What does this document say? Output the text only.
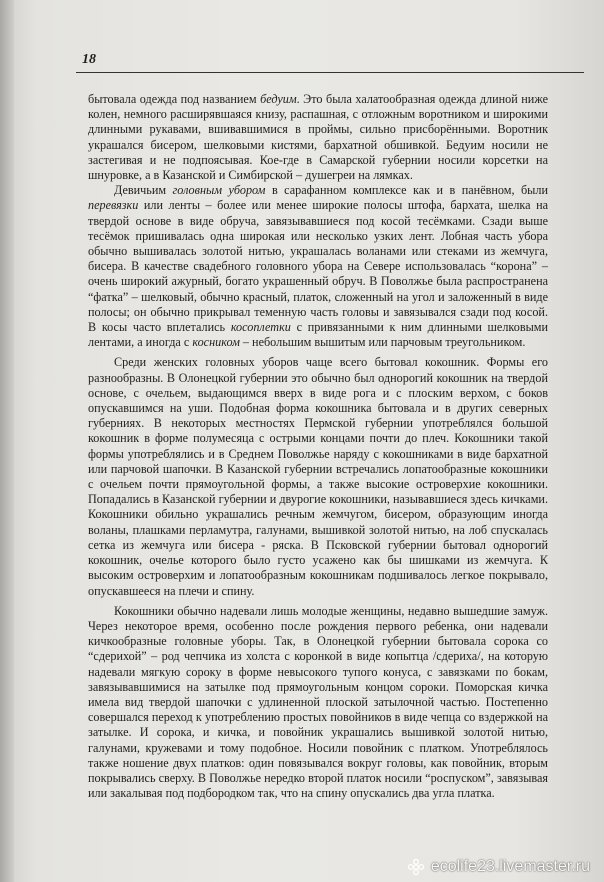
18

бытовала одежда под названием бедуим. Это была халатообразная одежда длиной ниже колен, немного расширявшаяся книзу, распашная, с отложным воротником и широкими длинными рукавами, вшивавшимися в проймы, сильно присборёнными. Воротник украшался бисером, шелковыми кистями, бархатной обшивкой. Бедуим носили не застегивая и не подпоясывая. Кое-где в Самарской губернии носили корсетки на шнуровке, а в Казанской и Симбирской – душегреи на лямках.

Девичьим головным убором в сарафанном комплексе как и в панёвном, были перевязки или ленты – более или менее широкие полосы штофа, бархата, шелка на твердой основе в виде обруча, завязывавшиеся под косой тесёмками. Сзади выше тесёмок пришивалась одна широкая или несколько узких лент. Лобная часть убора обычно вышивалась золотой нитью, украшалась воланами или стеками из жемчуга, бисера. В качестве свадебного головного убора на Севере использовалась “корона” – очень широкий ажурный, богато украшенный обруч. В Поволжье была распространена “фатка” – шелковый, обычно красный, платок, сложенный на угол и заложенный в виде полосы; он обычно прикрывал теменную часть головы и завязывался сзади под косой. В косы часто вплетались косоплетки с привязанными к ним длинными шелковыми лентами, а иногда с косником – небольшим вышитым или парчовым треугольником.

Среди женских головных уборов чаще всего бытовал кокошник. Формы его разнообразны. В Олонецкой губернии это обычно был однорогий кокошник на твердой основе, с очельем, выдающимся вверх в виде рога и с плоским верхом, с боков опускавшимся на уши. Подобная форма кокошника бытовала и в других северных губерниях. В некоторых местностях Пермской губернии употреблялся большой кокошник в форме полумесяца с острыми концами почти до плеч. Кокошники такой формы употреблялись и в Среднем Поволжье наряду с кокошниками в виде бархатной или парчовой шапочки. В Казанской губернии встречались лопатообразные кокошники с очельем почти прямоугольной формы, а также высокие островерхие кокошники. Попадались в Казанской губернии и двурогие кокошники, называвшиеся здесь кичками. Кокошники обильно украшались речным жемчугом, бисером, образующим иногда воланы, плашками перламутра, галунами, вышивкой золотой нитью, на лоб спускалась сетка из жемчуга или бисера - ряска. В Псковской губернии бытовал однорогий кокошник, очелье которого было густо усажено как бы шишками из жемчуга. К высоким островерхим и лопатообразным кокошникам подшивалось легкое покрывало, опускавшееся на плечи и спину.

Кокошники обычно надевали лишь молодые женщины, недавно вышедшие замуж. Через некоторое время, особенно после рождения первого ребенка, они надевали кичкообразные головные уборы. Так, в Олонецкой губернии бытовала сорока со “сдерихой” – род чепчика из холста с коронкой в виде копытца /сдериха/, на которую надевали мягкую сороку в форме невысокого тупого конуса, с завязками по бокам, завязывавшимися на затылке под прямоугольным концом сороки. Поморская кичка имела вид твердой шапочки с удлиненной плоской затылочной частью. Постепенно совершался переход к употреблению простых повойников в виде чепца со вздержкой на затылке. И сорока, и кичка, и повойник украшались вышивкой золотой нитью, галунами, кружевами и тому подобное. Носили повойник с платком. Употреблялось также ношение двух платков: один повязывался вокруг головы, как повойник, вторым покрывались сверху. В Поволжье нередко второй платок носили “роспуском”, завязывая или закалывая под подбородком так, что на спину опускались два угла платка.

ecolife23.livemaster.ru
